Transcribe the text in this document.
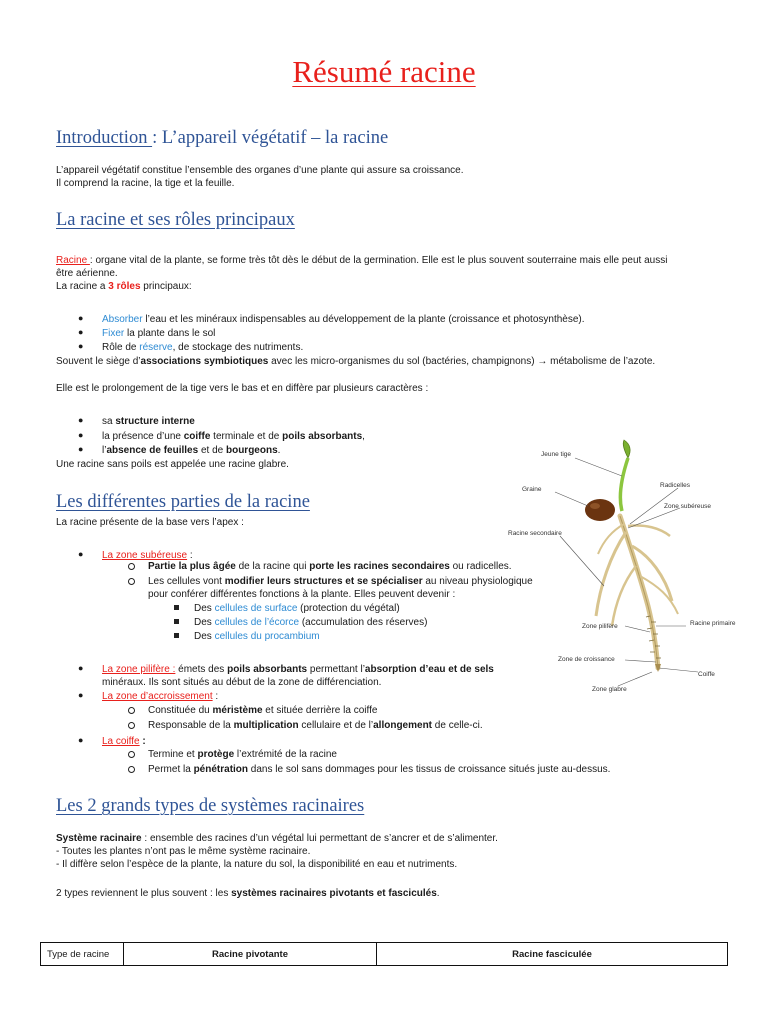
Résumé racine
Introduction : L’appareil végétatif – la racine
L’appareil végétatif constitue l’ensemble des organes d’une plante qui assure sa croissance.
Il comprend la racine, la tige et la feuille.
La racine et ses rôles principaux
Racine : organe vital de la plante, se forme très tôt dès le début de la germination. Elle est le plus souvent souterraine mais elle peut aussi
être aérienne.
La racine a 3 rôles principaux:
● Absorber l’eau et les minéraux indispensables au développement de la plante (croissance et photosynthèse).
● Fixer la plante dans le sol
● Rôle de réserve, de stockage des nutriments.
Souvent le siège d’associations symbiotiques avec les micro-organismes du sol (bactéries, champignons) → métabolisme de l’azote.
Elle est le prolongement de la tige vers le bas et en diffère par plusieurs caractères :
● sa structure interne
● la présence d’une coiffe terminale et de poils absorbants,
● l’absence de feuilles et de bourgeons.
Une racine sans poils est appelée une racine glabre.
Les différentes parties de la racine
La racine présente de la base vers l’apex :
● La zone subéreuse :
Partie la plus âgée de la racine qui porte les racines secondaires ou radicelles.
Les cellules vont modifier leurs structures et se spécialiser au niveau physiologique
pour conférer différentes fonctions à la plante. Elles peuvent devenir :
Des cellules de surface (protection du végétal)
Des cellules de l’écorce (accumulation des réserves)
Des cellules du procambium
● La zone pilifère : émets des poils absorbants permettant l’absorption d’eau et de sels
minéraux. Ils sont situés au début de la zone de différenciation.
● La zone d’accroissement :
Constituée du méristème et située derrière la coiffe
Responsable de la multiplication cellulaire et de l’allongement de celle-ci.
● La coiffe :
Termine et protège l’extrémité de la racine
Permet la pénétration dans le sol sans dommages pour les tissus de croissance situés juste au-dessus.
Jeune tige
Radicelles
Graine
Zone subéreuse
Racine secondaire
Zone pilifère	Racine primaire
Zone de croissance
Coiffe
Zone glabre
Les 2 grands types de systèmes racinaires
Système racinaire : ensemble des racines d’un végétal lui permettant de s’ancrer et de s’alimenter.
- Toutes les plantes n’ont pas le même système racinaire.
- Il diffère selon l’espèce de la plante, la nature du sol, la disponibilité en eau et nutriments.
2 types reviennent le plus souvent : les systèmes racinaires pivotants et fasciculés.
Type de racine	Racine pivotante	Racine fasciculée
